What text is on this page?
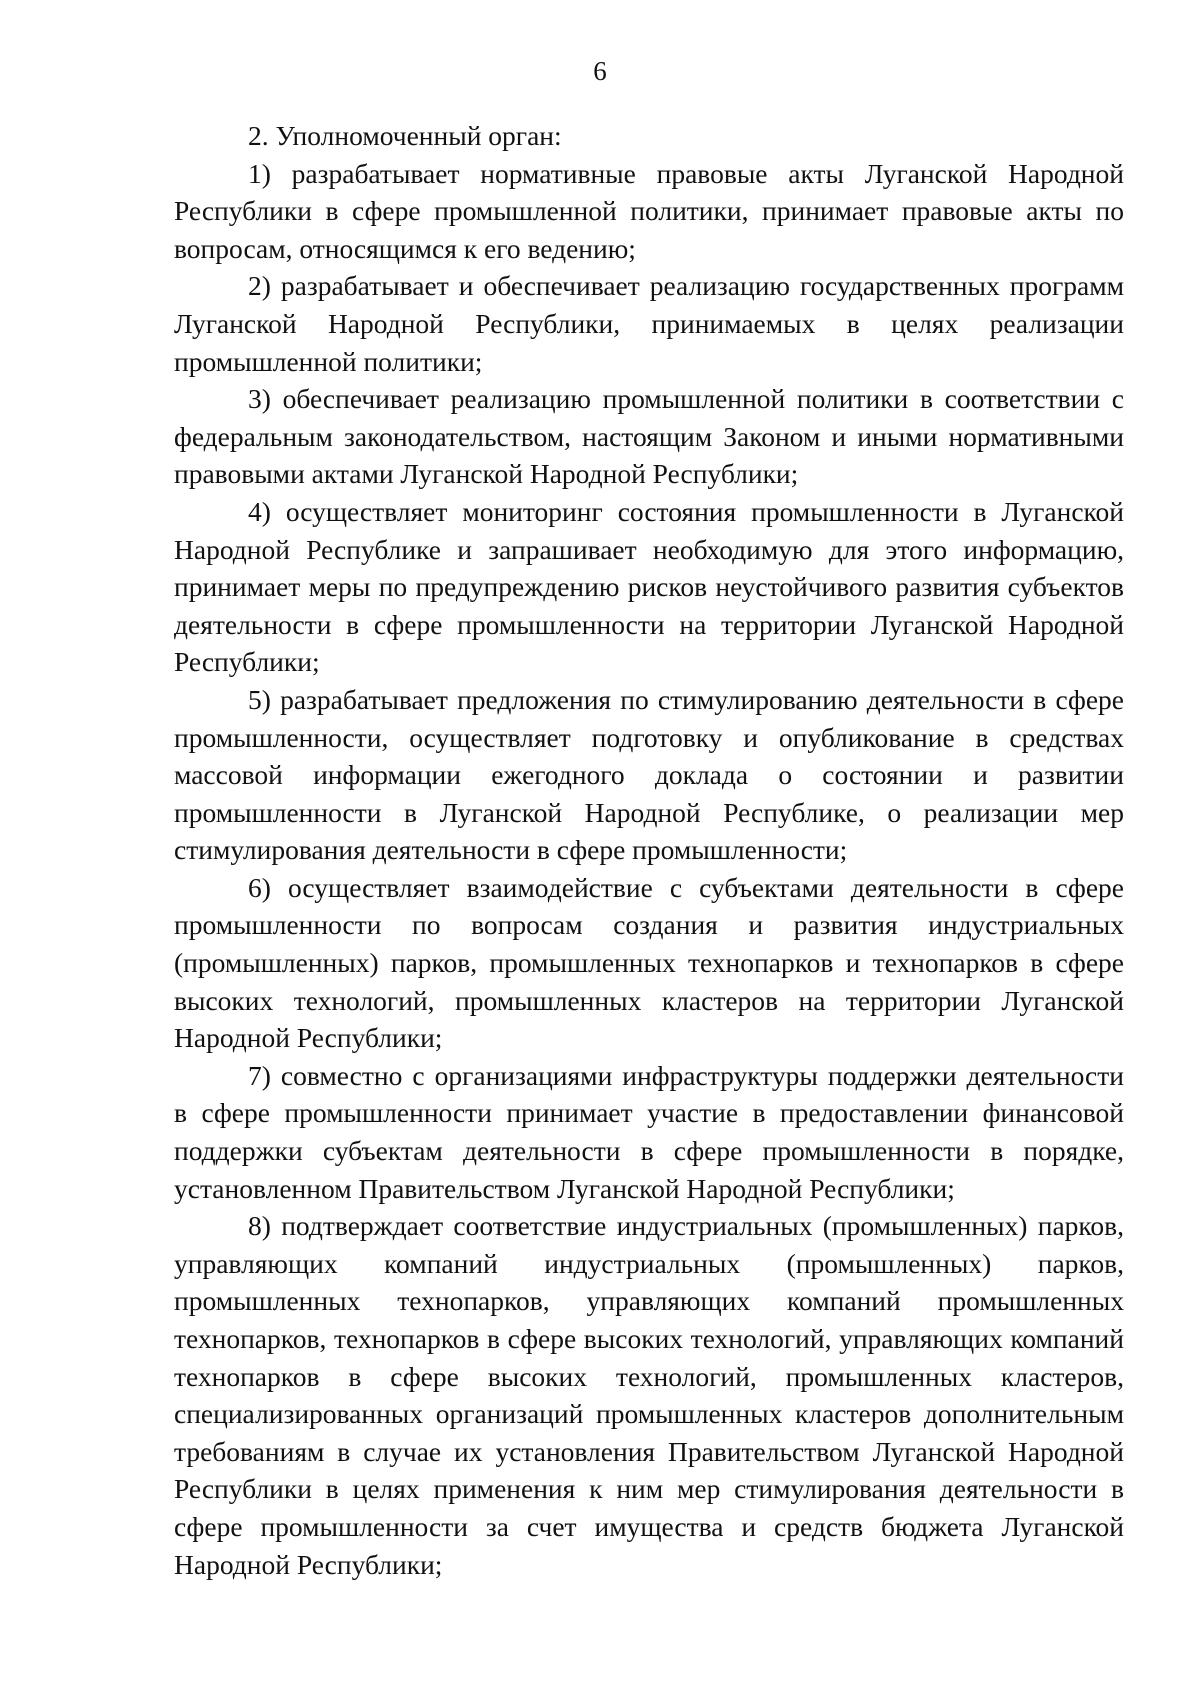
6

2. Уполномоченный орган:

1) разрабатывает нормативные правовые акты Луганской Народной Республики в сфере промышленной политики, принимает правовые акты по вопросам, относящимся к его ведению;

2) разрабатывает и обеспечивает реализацию государственных программ Луганской Народной Республики, принимаемых в целях реализации промышленной политики;

3) обеспечивает реализацию промышленной политики в соответствии с федеральным законодательством, настоящим Законом и иными нормативными правовыми актами Луганской Народной Республики;

4) осуществляет мониторинг состояния промышленности в Луганской Народной Республике и запрашивает необходимую для этого информацию, принимает меры по предупреждению рисков неустойчивого развития субъектов деятельности в сфере промышленности на территории Луганской Народной Республики;

5) разрабатывает предложения по стимулированию деятельности в сфере промышленности, осуществляет подготовку и опубликование в средствах массовой информации ежегодного доклада о состоянии и развитии промышленности в Луганской Народной Республике, о реализации мер стимулирования деятельности в сфере промышленности;

6) осуществляет взаимодействие с субъектами деятельности в сфере промышленности по вопросам создания и развития индустриальных (промышленных) парков, промышленных технопарков и технопарков в сфере высоких технологий, промышленных кластеров на территории Луганской Народной Республики;

7) совместно с организациями инфраструктуры поддержки деятельности в сфере промышленности принимает участие в предоставлении финансовой поддержки субъектам деятельности в сфере промышленности в порядке, установленном Правительством Луганской Народной Республики;

8) подтверждает соответствие индустриальных (промышленных) парков, управляющих компаний индустриальных (промышленных) парков, промышленных технопарков, управляющих компаний промышленных технопарков, технопарков в сфере высоких технологий, управляющих компаний технопарков в сфере высоких технологий, промышленных кластеров, специализированных организаций промышленных кластеров дополнительным требованиям в случае их установления Правительством Луганской Народной Республики в целях применения к ним мер стимулирования деятельности в сфере промышленности за счет имущества и средств бюджета Луганской Народной Республики;
